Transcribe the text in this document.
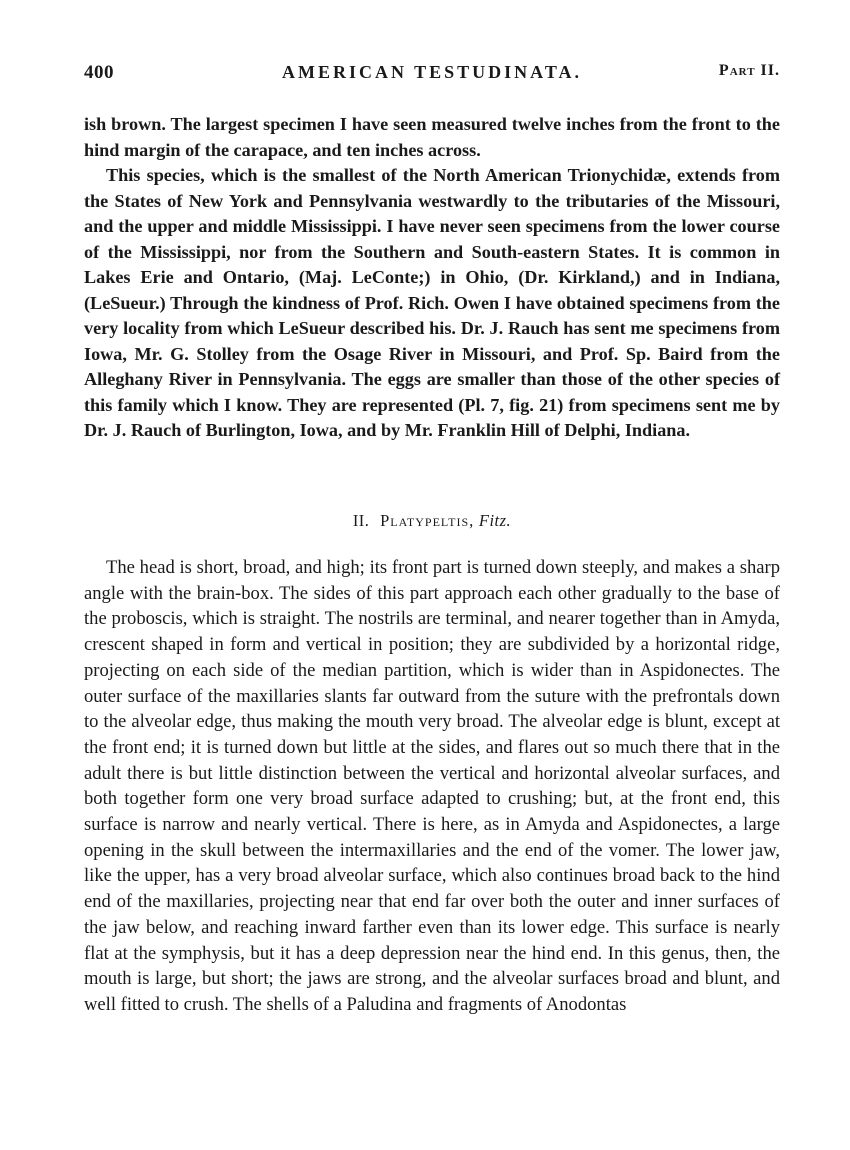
400	AMERICAN TESTUDINATA.	Part II.

ish brown. The largest specimen I have seen measured twelve inches from the front to the hind margin of the carapace, and ten inches across.

This species, which is the smallest of the North American Trionychidæ, extends from the States of New York and Pennsylvania westwardly to the tributaries of the Missouri, and the upper and middle Mississippi. I have never seen specimens from the lower course of the Mississippi, nor from the Southern and South-eastern States. It is common in Lakes Erie and Ontario, (Maj. LeConte;) in Ohio, (Dr. Kirkland,) and in Indiana, (LeSueur.) Through the kindness of Prof. Rich. Owen I have obtained specimens from the very locality from which LeSueur described his. Dr. J. Rauch has sent me specimens from Iowa, Mr. G. Stolley from the Osage River in Missouri, and Prof. Sp. Baird from the Alleghany River in Pennsylvania. The eggs are smaller than those of the other species of this family which I know. They are represented (Pl. 7, fig. 21) from specimens sent me by Dr. J. Rauch of Burlington, Iowa, and by Mr. Franklin Hill of Delphi, Indiana.

II. Platypeltis, Fitz.

The head is short, broad, and high; its front part is turned down steeply, and makes a sharp angle with the brain-box. The sides of this part approach each other gradually to the base of the proboscis, which is straight. The nostrils are terminal, and nearer together than in Amyda, crescent shaped in form and vertical in position; they are subdivided by a horizontal ridge, projecting on each side of the median partition, which is wider than in Aspidonectes. The outer surface of the maxillaries slants far outward from the suture with the prefrontals down to the alveolar edge, thus making the mouth very broad. The alveolar edge is blunt, except at the front end; it is turned down but little at the sides, and flares out so much there that in the adult there is but little distinction between the vertical and horizontal alveolar surfaces, and both together form one very broad surface adapted to crushing; but, at the front end, this surface is narrow and nearly vertical. There is here, as in Amyda and Aspidonectes, a large opening in the skull between the intermaxillaries and the end of the vomer. The lower jaw, like the upper, has a very broad alveolar surface, which also continues broad back to the hind end of the maxillaries, projecting near that end far over both the outer and inner surfaces of the jaw below, and reaching inward farther even than its lower edge. This surface is nearly flat at the symphysis, but it has a deep depression near the hind end. In this genus, then, the mouth is large, but short; the jaws are strong, and the alveolar surfaces broad and blunt, and well fitted to crush. The shells of a Paludina and fragments of Anodontas
